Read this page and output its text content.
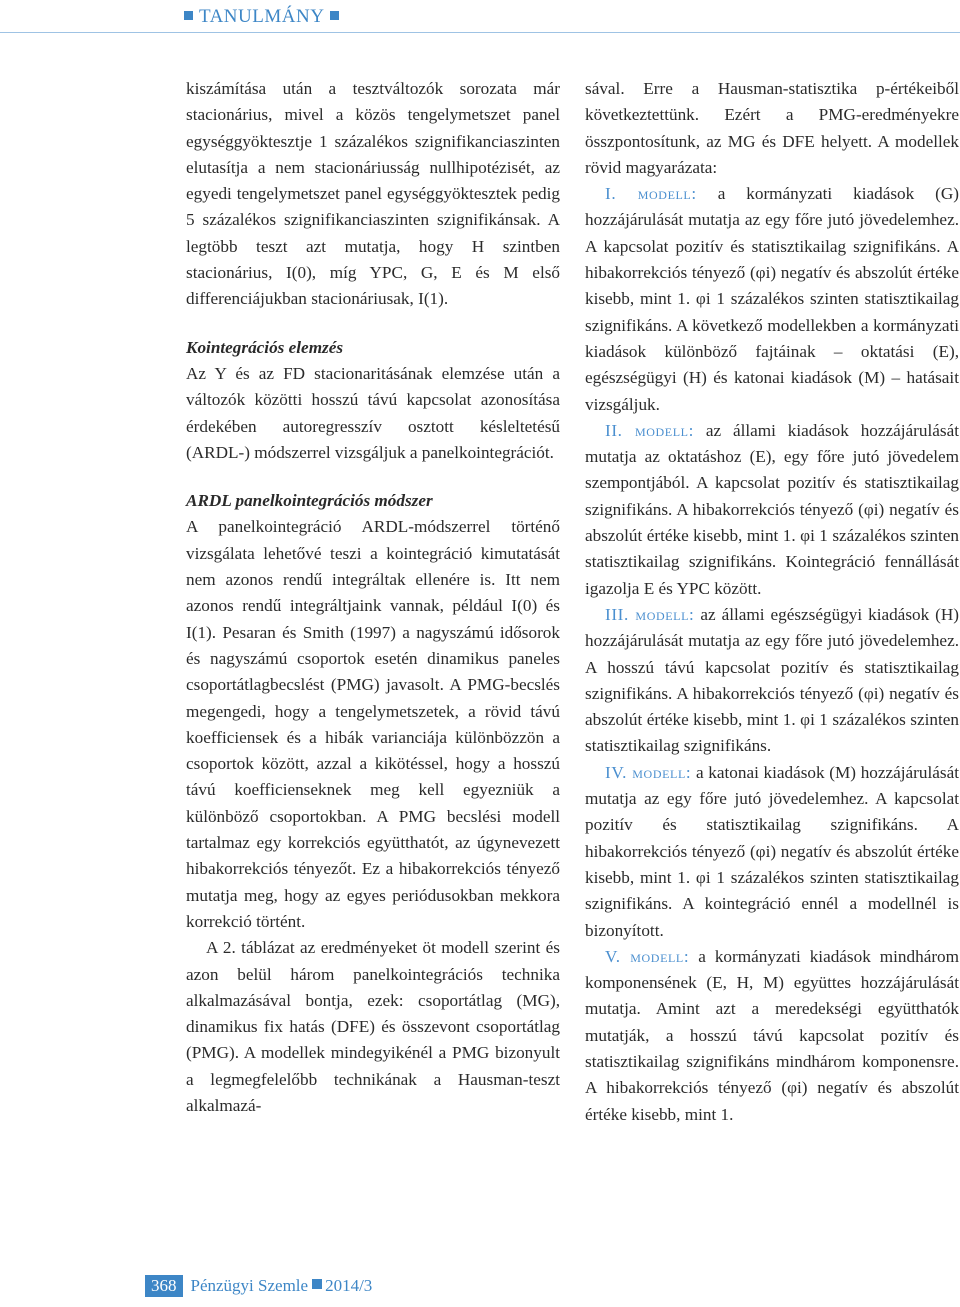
TANULMÁNY

kiszámítása után a tesztváltozók sorozata már stacionárius, mivel a közös tengelymetszet panel egységgyöktesztje 1 százalékos szignifikanciaszinten elutasítja a nem stacionáriusság nullhipotézisét, az egyedi tengelymetszet panel egységgyöktesztek pedig 5 százalékos szignifikanciaszinten szignifikánsak. A legtöbb teszt azt mutatja, hogy H szintben stacionárius, I(0), míg YPC, G, E és M első differenciájukban stacionáriusak, I(1).

Kointegrációs elemzés

Az Y és az FD stacionaritásának elemzése után a változók közötti hosszú távú kapcsolat azonosítása érdekében autoregresszív osztott késleltetésű (ARDL-) módszerrel vizsgáljuk a panelkointegrációt.

ARDL panelkointegrációs módszer

A panelkointegráció ARDL-módszerrel történő vizsgálata lehetővé teszi a kointegráció kimutatását nem azonos rendű integráltak ellenére is. Itt nem azonos rendű integráltjaink vannak, például I(0) és I(1). Pesaran és Smith (1997) a nagyszámú idősorok és nagyszámú csoportok esetén dinamikus paneles csoportátlagbecslést (PMG) javasolt. A PMG-becslés megengedi, hogy a tengelymetszetek, a rövid távú koefficiensek és a hibák varianciája különbözzön a csoportok között, azzal a kikötéssel, hogy a hosszú távú koefficienseknek meg kell egyezniük a különböző csoportokban. A PMG becslési modell tartalmaz egy korrekciós együtthatót, az úgynevezett hibakorrekciós tényezőt. Ez a hibakorrekciós tényező mutatja meg, hogy az egyes periódusokban mekkora korrekció történt.

A 2. táblázat az eredményeket öt modell szerint és azon belül három panelkointegrációs technika alkalmazásával bontja, ezek: csoportátlag (MG), dinamikus fix hatás (DFE) és összevont csoportátlag (PMG). A modellek mindegyikénél a PMG bizonyult a legmegfelelőbb technikának a Hausman-teszt alkalmazá-

sával. Erre a Hausman-statisztika p-értékeiből következtettünk. Ezért a PMG-eredményekre összpontosítunk, az MG és DFE helyett. A modellek rövid magyarázata:

I. modell: a kormányzati kiadások (G) hozzájárulását mutatja az egy főre jutó jövedelemhez. A kapcsolat pozitív és statisztikailag szignifikáns. A hibakorrekciós tényező (φi) negatív és abszolút értéke kisebb, mint 1. φi 1 százalékos szinten statisztikailag szignifikáns. A következő modellekben a kormányzati kiadások különböző fajtáinak – oktatási (E), egészségügyi (H) és katonai kiadások (M) – hatásait vizsgáljuk.

II. modell: az állami kiadások hozzájárulását mutatja az oktatáshoz (E), egy főre jutó jövedelem szempontjából. A kapcsolat pozitív és statisztikailag szignifikáns. A hibakorrekciós tényező (φi) negatív és abszolút értéke kisebb, mint 1. φi 1 százalékos szinten statisztikailag szignifikáns. Kointegráció fennállását igazolja E és YPC között.

III. modell: az állami egészségügyi kiadások (H) hozzájárulását mutatja az egy főre jutó jövedelemhez. A hosszú távú kapcsolat pozitív és statisztikailag szignifikáns. A hibakorrekciós tényező (φi) negatív és abszolút értéke kisebb, mint 1. φi 1 százalékos szinten statisztikailag szignifikáns.

IV. modell: a katonai kiadások (M) hozzájárulását mutatja az egy főre jutó jövedelemhez. A kapcsolat pozitív és statisztikailag szignifikáns. A hibakorrekciós tényező (φi) negatív és abszolút értéke kisebb, mint 1. φi 1 százalékos szinten statisztikailag szignifikáns. A kointegráció ennél a modellnél is bizonyított.

V. modell: a kormányzati kiadások mindhárom komponensének (E, H, M) együttes hozzájárulását mutatja. Amint azt a meredekségi együtthatók mutatják, a hosszú távú kapcsolat pozitív és statisztikailag szignifikáns mindhárom komponensre. A hibakorrekciós tényező (φi) negatív és abszolút értéke kisebb, mint 1.

368 Pénzügyi Szemle 2014/3
